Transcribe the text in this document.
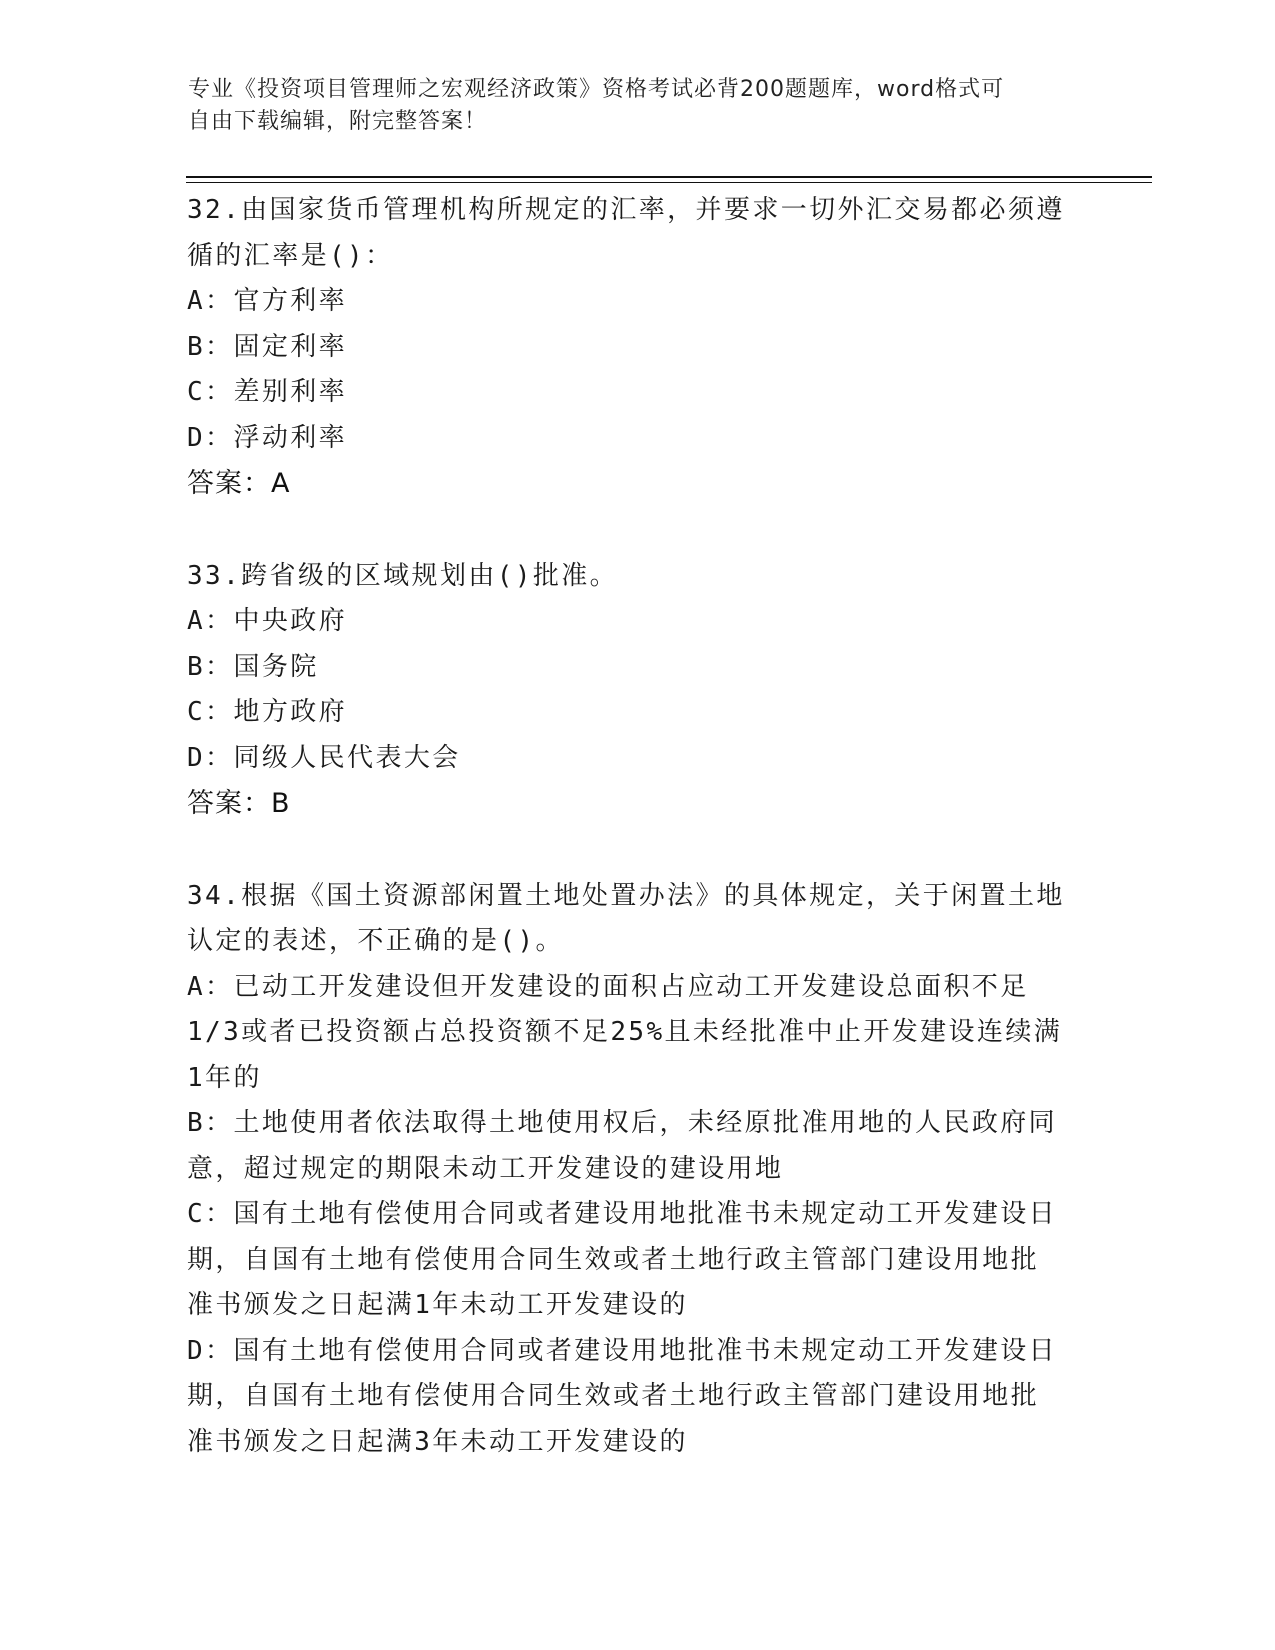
专业《投资项目管理师之宏观经济政策》资格考试必背200题题库，word格式可
自由下载编辑，附完整答案！
32.由国家货币管理机构所规定的汇率，并要求一切外汇交易都必须遵
循的汇率是()：
A：官方利率
B：固定利率
C：差别利率
D：浮动利率
答案：A
33.跨省级的区域规划由()批准。
A：中央政府
B：国务院
C：地方政府
D：同级人民代表大会
答案：B
34.根据《国土资源部闲置土地处置办法》的具体规定，关于闲置土地
认定的表述，不正确的是()。
A：已动工开发建设但开发建设的面积占应动工开发建设总面积不足
1/3或者已投资额占总投资额不足25%且未经批准中止开发建设连续满
1年的
B：土地使用者依法取得土地使用权后，未经原批准用地的人民政府同
意，超过规定的期限未动工开发建设的建设用地
C：国有土地有偿使用合同或者建设用地批准书未规定动工开发建设日
期，自国有土地有偿使用合同生效或者土地行政主管部门建设用地批
准书颁发之日起满1年未动工开发建设的
D：国有土地有偿使用合同或者建设用地批准书未规定动工开发建设日
期，自国有土地有偿使用合同生效或者土地行政主管部门建设用地批
准书颁发之日起满3年未动工开发建设的
